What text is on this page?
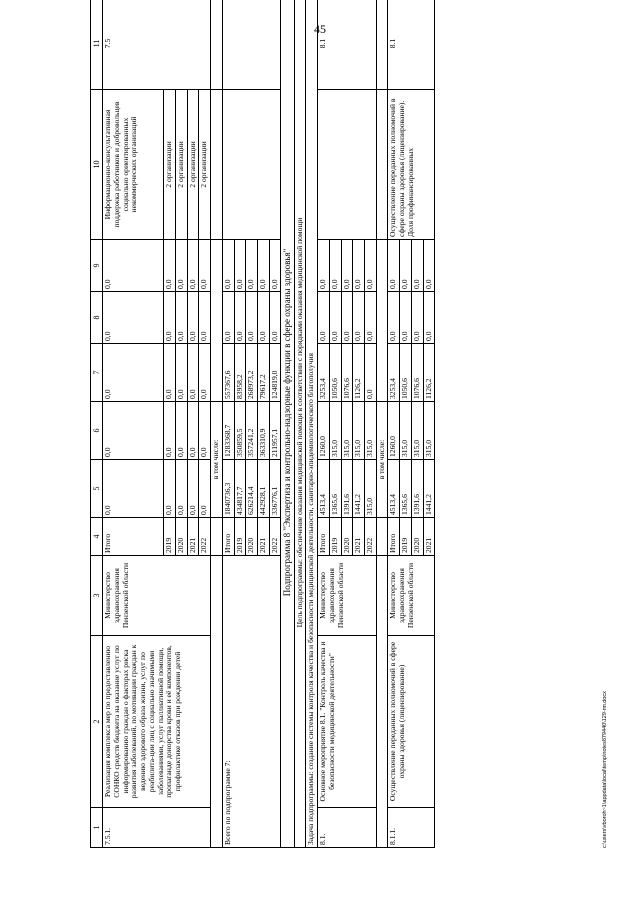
45
1	2	3	4	5	6	7	8	9	10	11
7.5.1.	Реализация комплекса мер по предоставлению СОНКО средств бюджета на оказание услуг по информированию граждан о факторах риска развития заболеваний, по мотивации граждан к ведению здорового образа жизни, услуг по реабилита-ции лиц с социально значимыми заболеваниями, услуг паллиативной помощи, пропаганде донорства крови и её компонентов, профилактике отказов при рождении детей	Министерство здравоохранения Пензенской области	Итого	0,0	0,0	0,0	0,0	0,0	Информационно-консультативная поддержка работников и добровольцев социально ориентированных некоммерческих организаций	7.5
			2019	0,0	0,0	0,0	0,0	0,0	2 организации	
			2020	0,0	0,0	0,0	0,0	0,0	2 организации	
			2021	0,0	0,0	0,0	0,0	0,0	2 организации	
			2022	0,0	0,0	0,0	0,0	0,0	2 организации	
				в том числе:						
Всего по подпрограмме 7:			Итого	1840736,3	1283368,7	557367,6	0,0	0,0		
			2019	434817,7	350859,5	83958,2	0,0	0,0		
			2020	626214,4	357241,2	268973,2	0,0	0,0		
			2021	442928,1	363310,9	79617,2	0,0	0,0		
			2022	336776,1	211957,1	124819,0	0,0	0,0		
Подпрограмма 8 "Экспертиза и контрольно-надзорные функции в сфере охраны здоровья"										
Цель подпрограммы: обеспечение оказания медицинской помощи в соответствии с порядками оказания медицинской помощи										
Задача подпрограммы: создание системы контроля качества и безопасности медицинской деятельности, санитарно-эпидемиологического благополучия										
8.1.	Основное мероприятие 8.1. "Контроль качества и безопасности медицинской деятельности"	Министерство здравоохранения Пензенской области	Итого	4513,4	1260,0	3253,4	0,0	0,0		8.1
			2019	1365,6	315,0	1050,6	0,0	0,0		
			2020	1391,6	315,0	1076,6	0,0	0,0		
			2021	1441,2	315,0	1126,2	0,0	0,0		
			2022	315,0	315,0	0,0	0,0	0,0		
				в том числе:						
8.1.1.	Осуществление переданных полномочий в сфере охраны здоровья (лицензирование)	Министерство здравоохранения Пензенской области	Итого	4513,4	1260,0	3253,4	0,0	0,0	Осуществление переданных полномочий в сфере охраны здоровья (лицензирование). Доля профинансированных	8.1
			2019	1365,6	315,0	1050,6	0,0	0,0		
			2020	1391,6	315,0	1076,6	0,0	0,0		
			2021	1441,2	315,0	1126,2	0,0	0,0		
c:\users\vboroh~1\appdata\local\temp\notes879440\129-пп.docx
